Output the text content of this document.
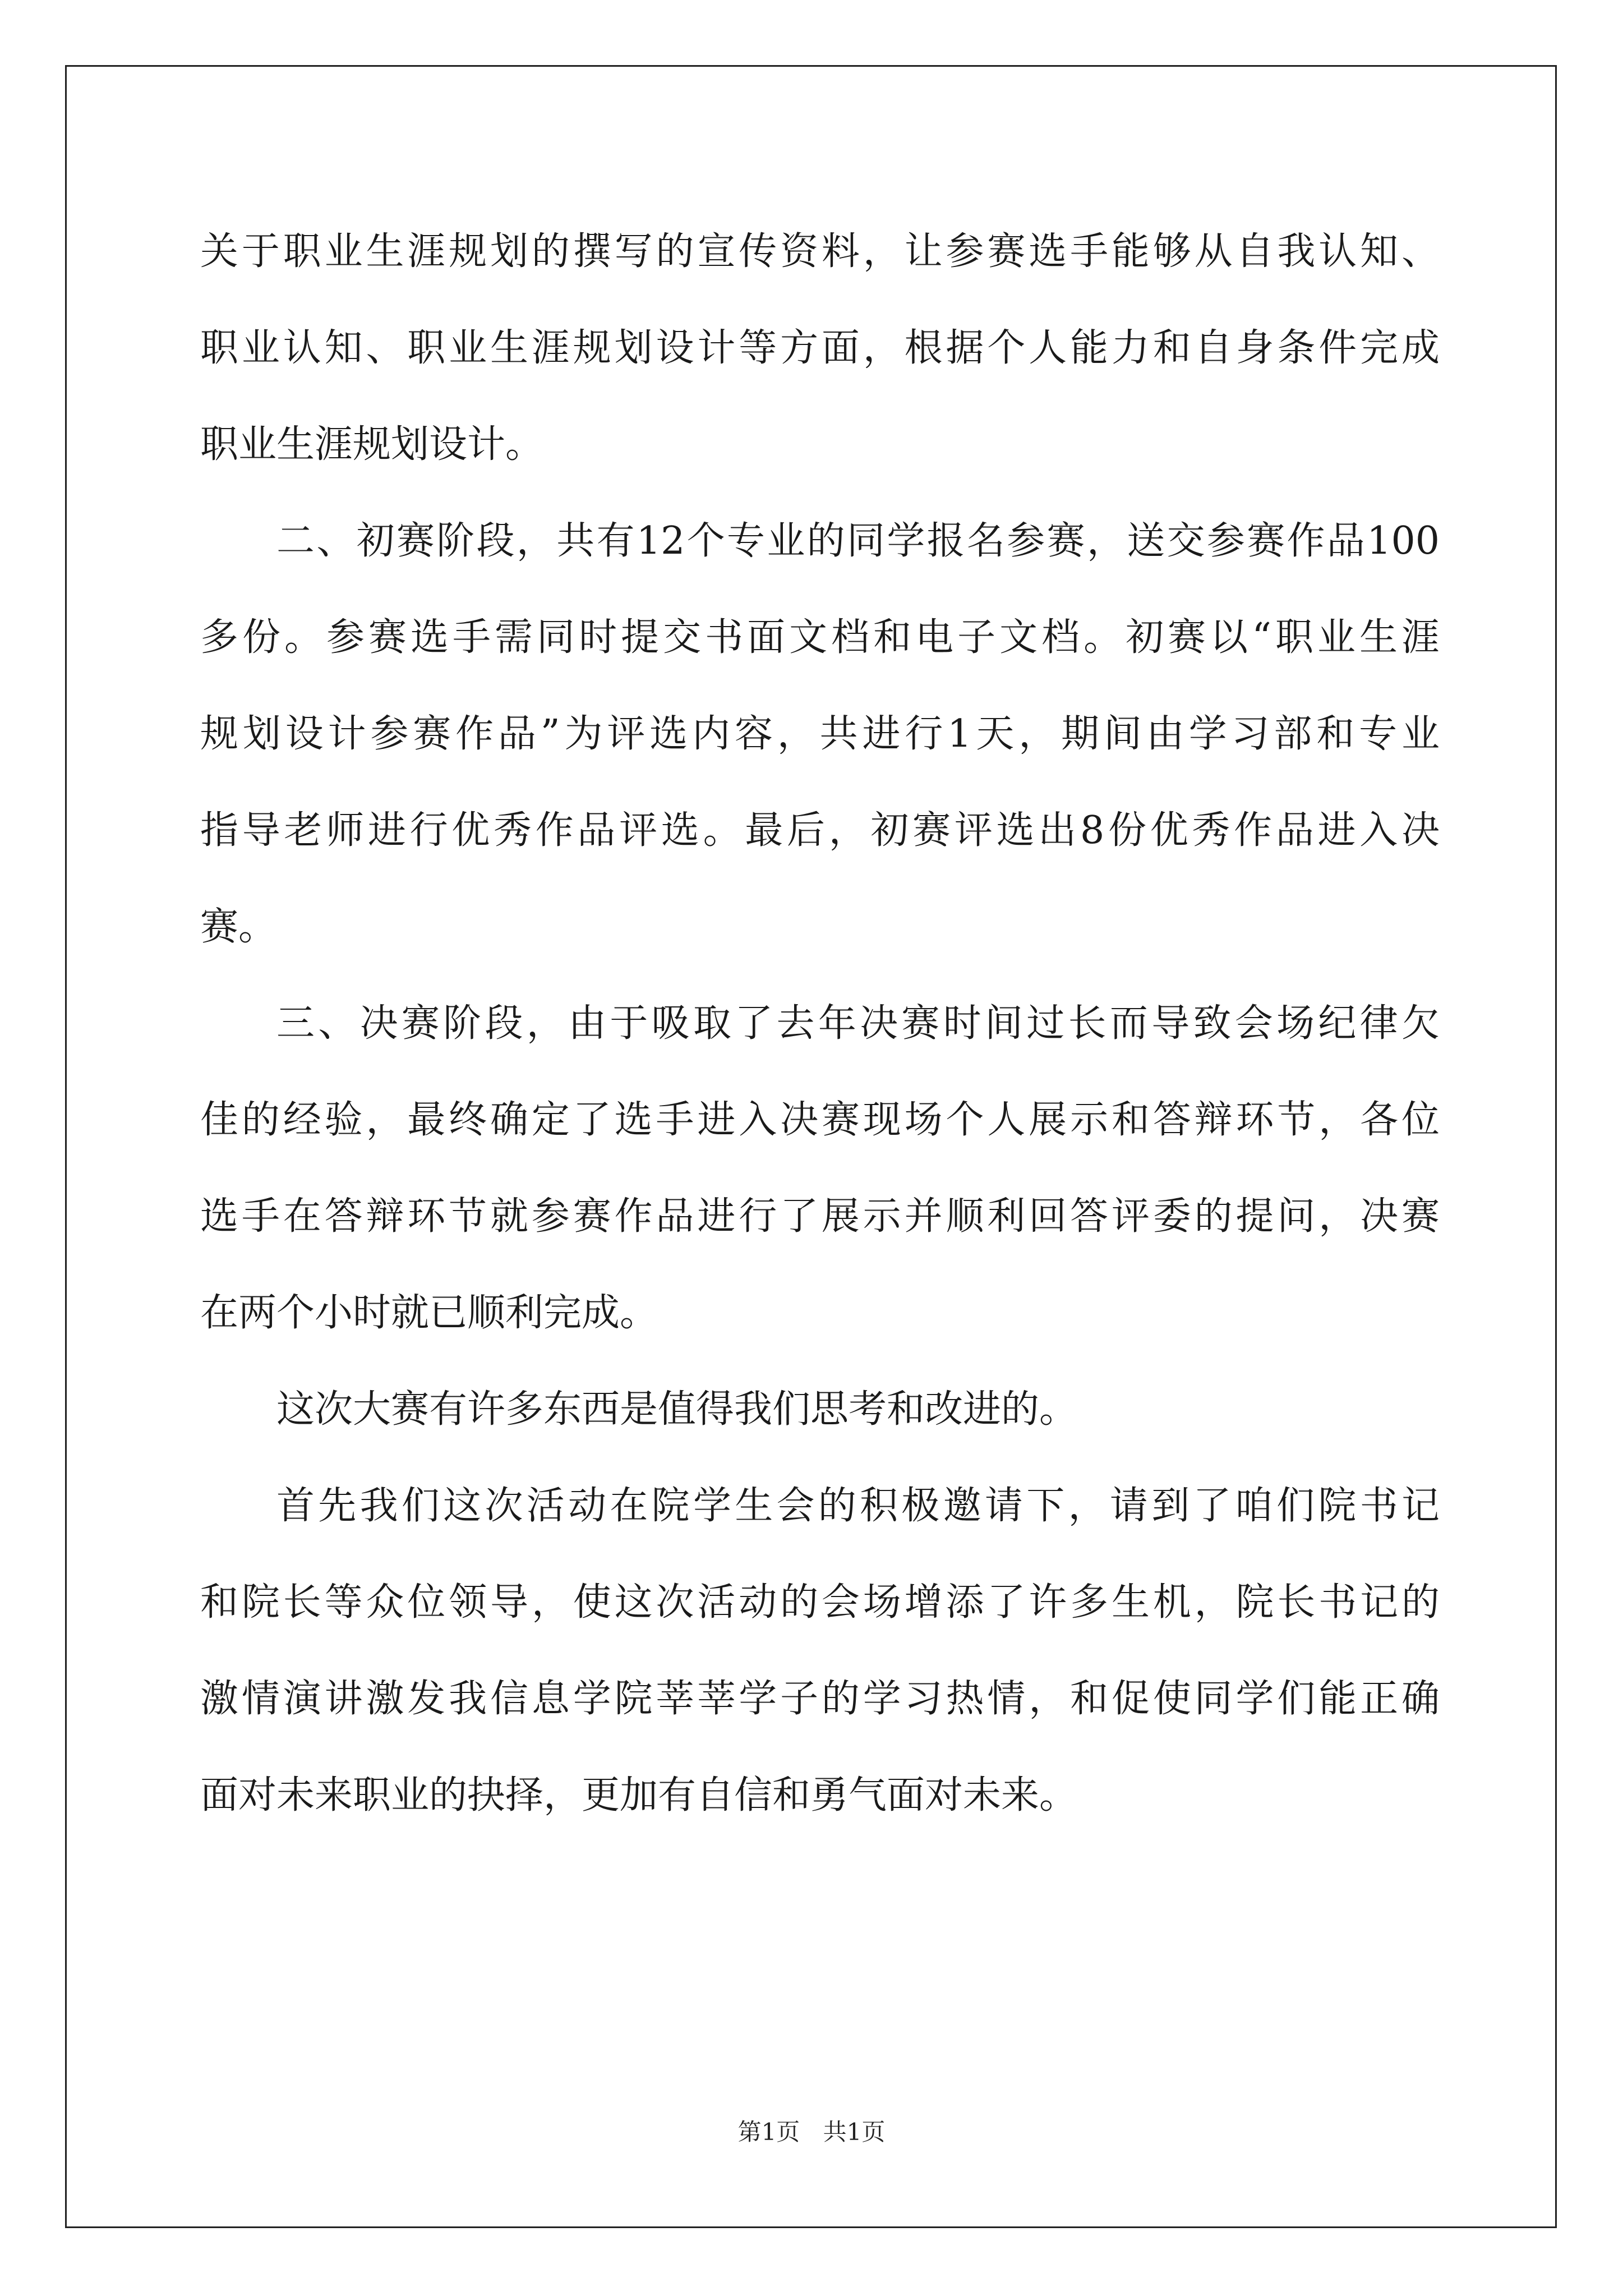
关于职业生涯规划的撰写的宣传资料，让参赛选手能够从自我认知、
职业认知、职业生涯规划设计等方面，根据个人能力和自身条件完成
职业生涯规划设计。

二、初赛阶段，共有12个专业的同学报名参赛，送交参赛作品100
多份。参赛选手需同时提交书面文档和电子文档。初赛以“职业生涯
规划设计参赛作品”为评选内容，共进行1天，期间由学习部和专业
指导老师进行优秀作品评选。最后，初赛评选出8份优秀作品进入决
赛。

三、决赛阶段，由于吸取了去年决赛时间过长而导致会场纪律欠
佳的经验，最终确定了选手进入决赛现场个人展示和答辩环节，各位
选手在答辩环节就参赛作品进行了展示并顺利回答评委的提问，决赛
在两个小时就已顺利完成。

这次大赛有许多东西是值得我们思考和改进的。

首先我们这次活动在院学生会的积极邀请下，请到了咱们院书记
和院长等众位领导，使这次活动的会场增添了许多生机，院长书记的
激情演讲激发我信息学院莘莘学子的学习热情，和促使同学们能正确
面对未来职业的抉择，更加有自信和勇气面对未来。

第1页 共1页
